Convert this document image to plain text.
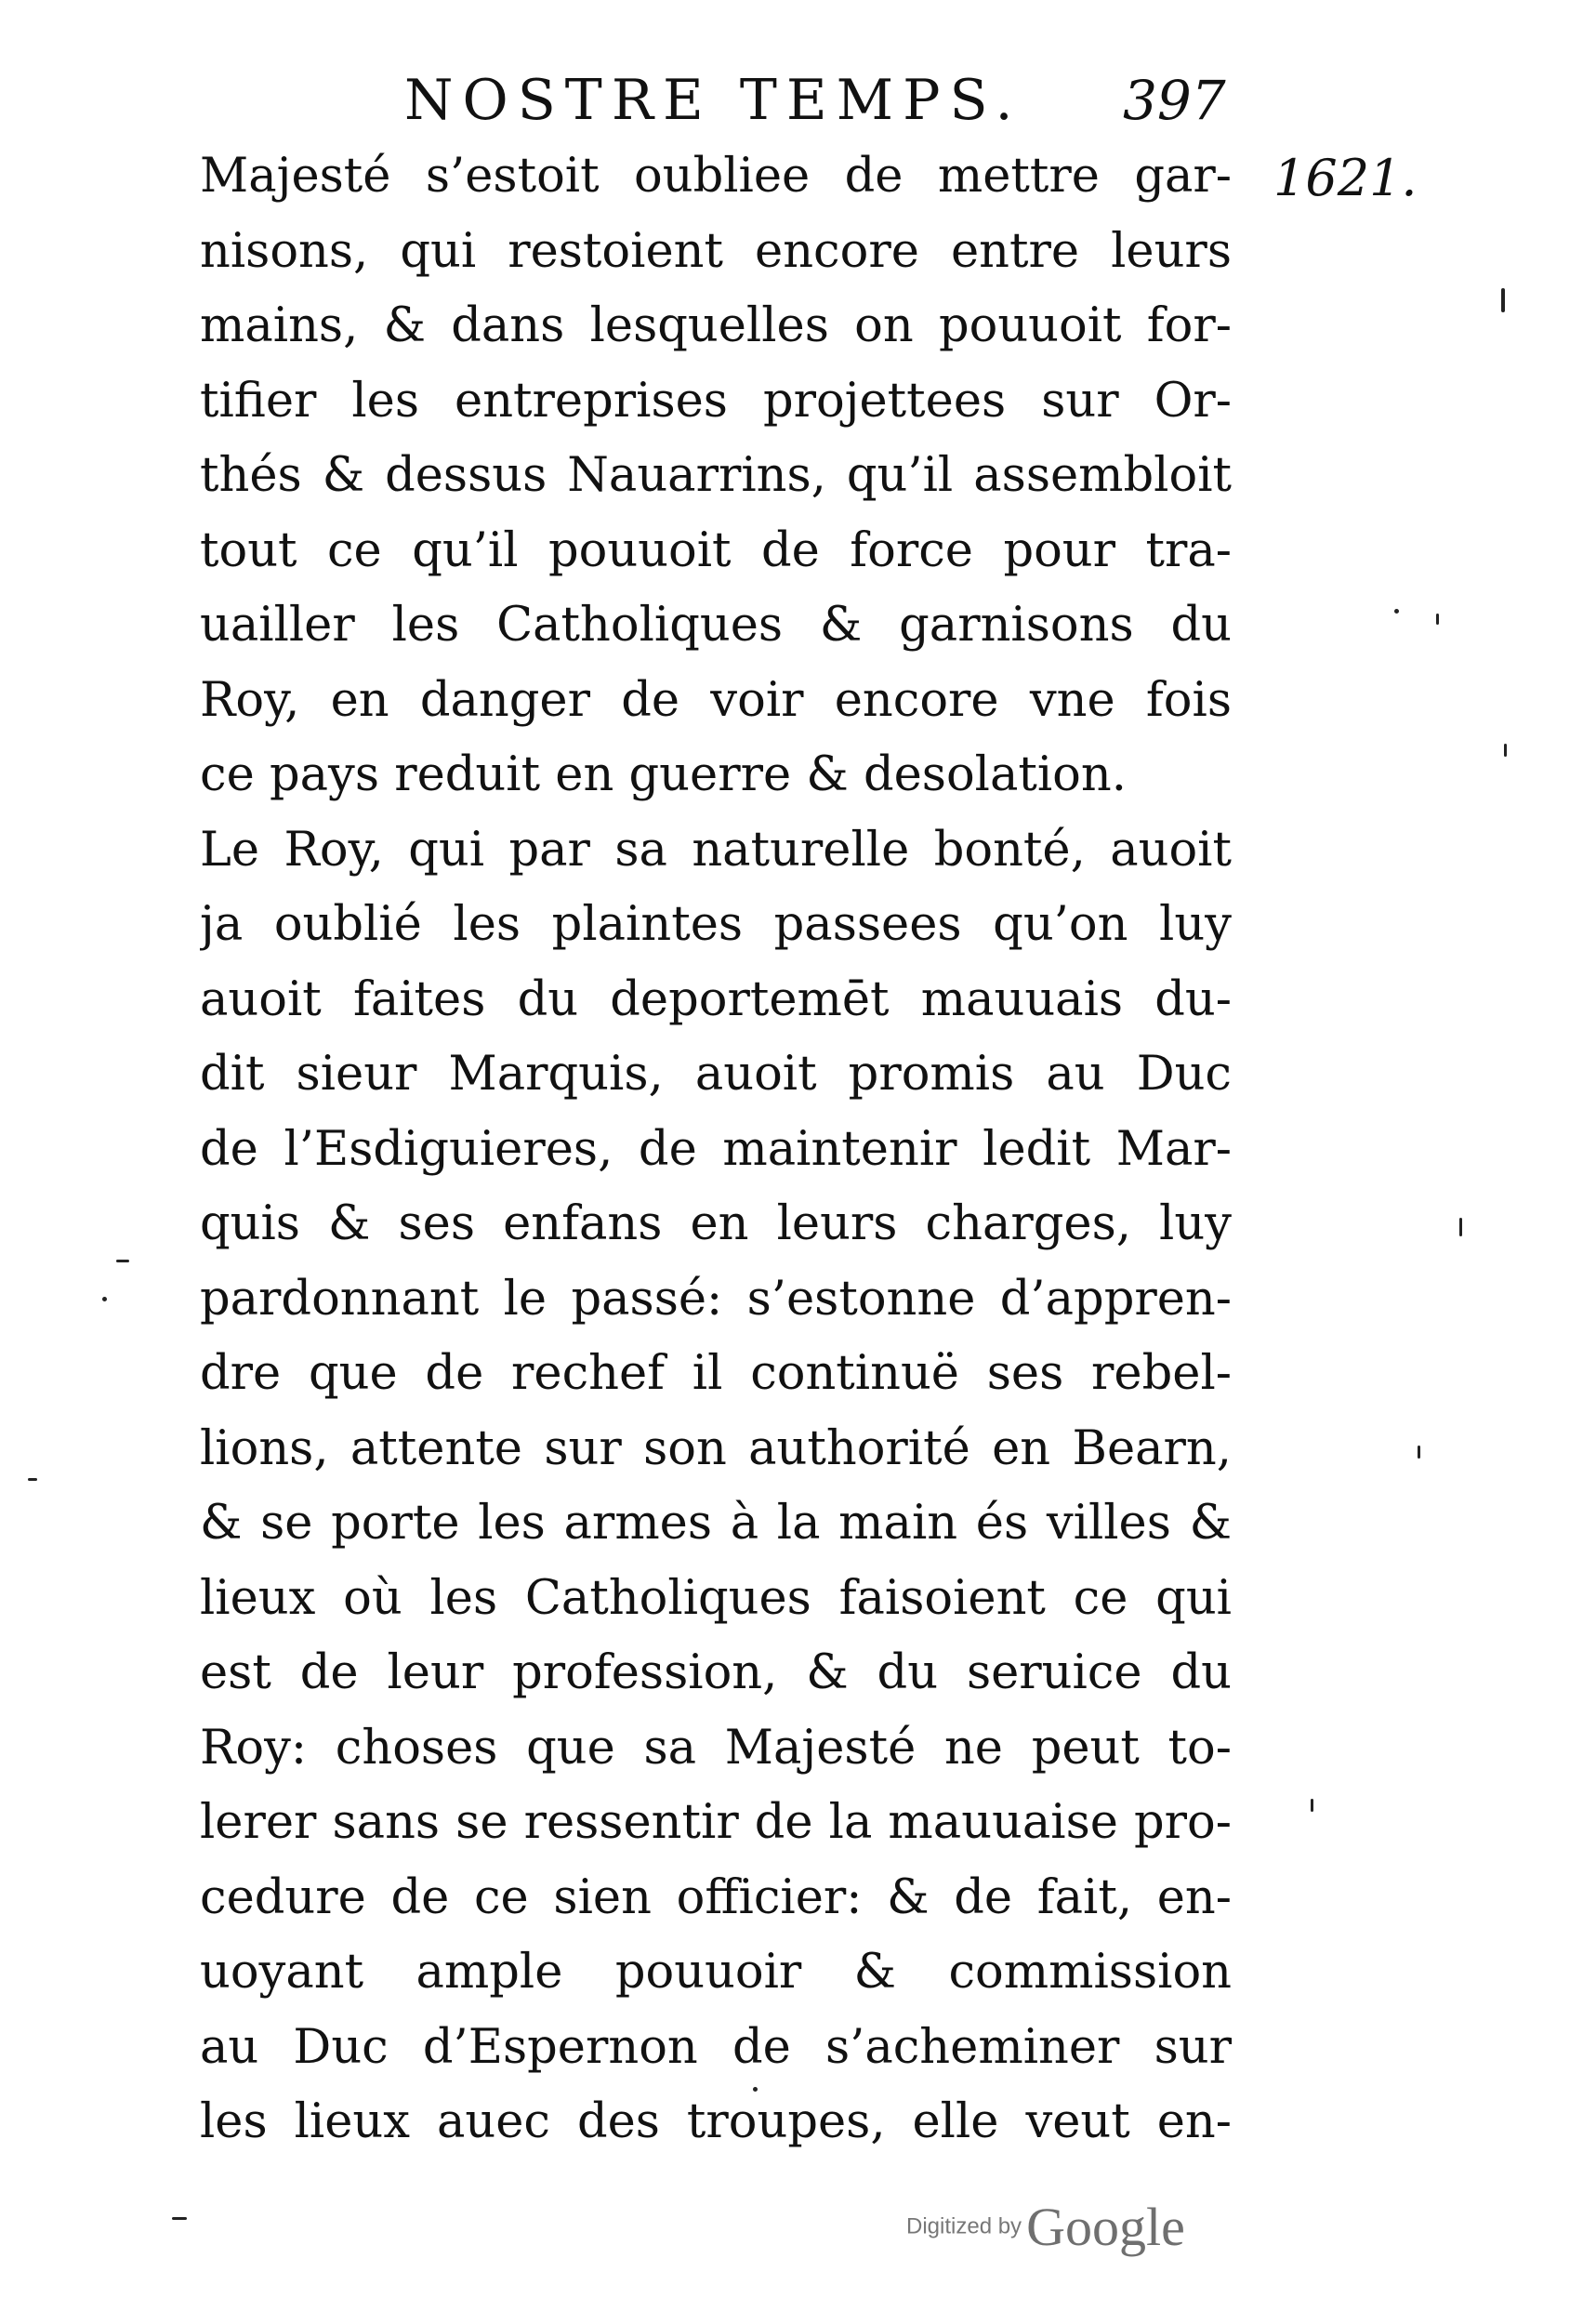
NOSTRE TEMPS. 397
1621.
Majesté s’estoit oubliee de mettre gar-
nisons, qui restoient encore entre leurs
mains, & dans lesquelles on pouuoit for-
tifier les entreprises projettees sur Or-
thés & dessus Nauarrins, qu’il assembloit
tout ce qu’il pouuoit de force pour tra-
uailler les Catholiques & garnisons du
Roy, en danger de voir encore vne fois
ce pays reduit en guerre & desolation.
Le Roy, qui par sa naturelle bonté, auoit
ja oublié les plaintes passees qu’on luy
auoit faites du deportemēt mauuais du-
dit sieur Marquis, auoit promis au Duc
de l’Esdiguieres, de maintenir ledit Mar-
quis & ses enfans en leurs charges, luy
pardonnant le passé: s’estonne d’appren-
dre que de rechef il continuë ses rebel-
lions, attente sur son authorité en Bearn,
& se porte les armes à la main és villes &
lieux où les Catholiques faisoient ce qui
est de leur profession, & du seruice du
Roy: choses que sa Majesté ne peut to-
lerer sans se ressentir de la mauuaise pro-
cedure de ce sien officier: & de fait, en-
uoyant ample pouuoir & commission
au Duc d’Espernon de s’acheminer sur
les lieux auec des troupes, elle veut en-
Digitized by Google
